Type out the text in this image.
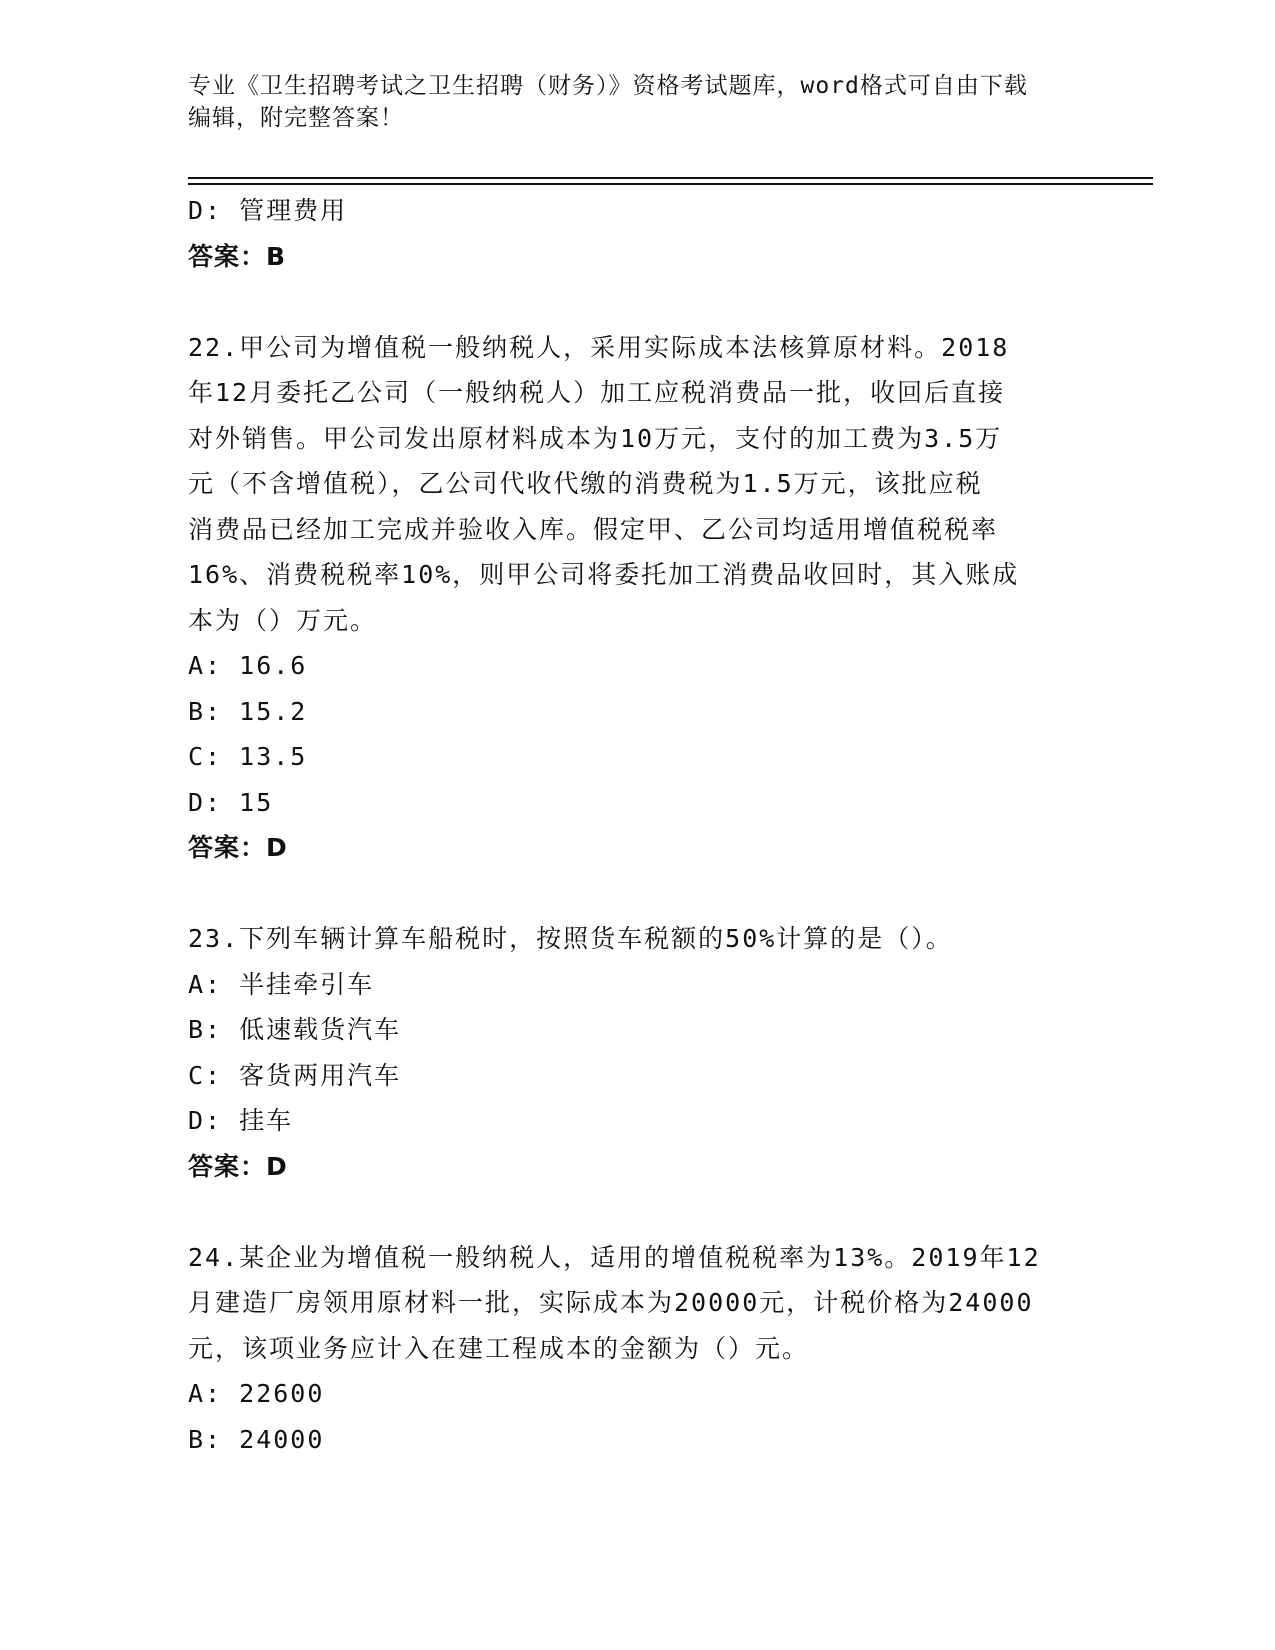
专业《卫生招聘考试之卫生招聘（财务）》资格考试题库，word格式可自由下载
编辑，附完整答案！
D: 管理费用
答案：B
22.甲公司为增值税一般纳税人，采用实际成本法核算原材料。2018
年12月委托乙公司（一般纳税人）加工应税消费品一批，收回后直接
对外销售。甲公司发出原材料成本为10万元，支付的加工费为3.5万
元（不含增值税），乙公司代收代缴的消费税为1.5万元，该批应税
消费品已经加工完成并验收入库。假定甲、乙公司均适用增值税税率
16%、消费税税率10%，则甲公司将委托加工消费品收回时，其入账成
本为（）万元。
A: 16.6
B: 15.2
C: 13.5
D: 15
答案：D
23.下列车辆计算车船税时，按照货车税额的50%计算的是（）。
A: 半挂牵引车
B: 低速载货汽车
C: 客货两用汽车
D: 挂车
答案：D
24.某企业为增值税一般纳税人，适用的增值税税率为13%。2019年12
月建造厂房领用原材料一批，实际成本为20000元，计税价格为24000
元，该项业务应计入在建工程成本的金额为（）元。
A: 22600
B: 24000
